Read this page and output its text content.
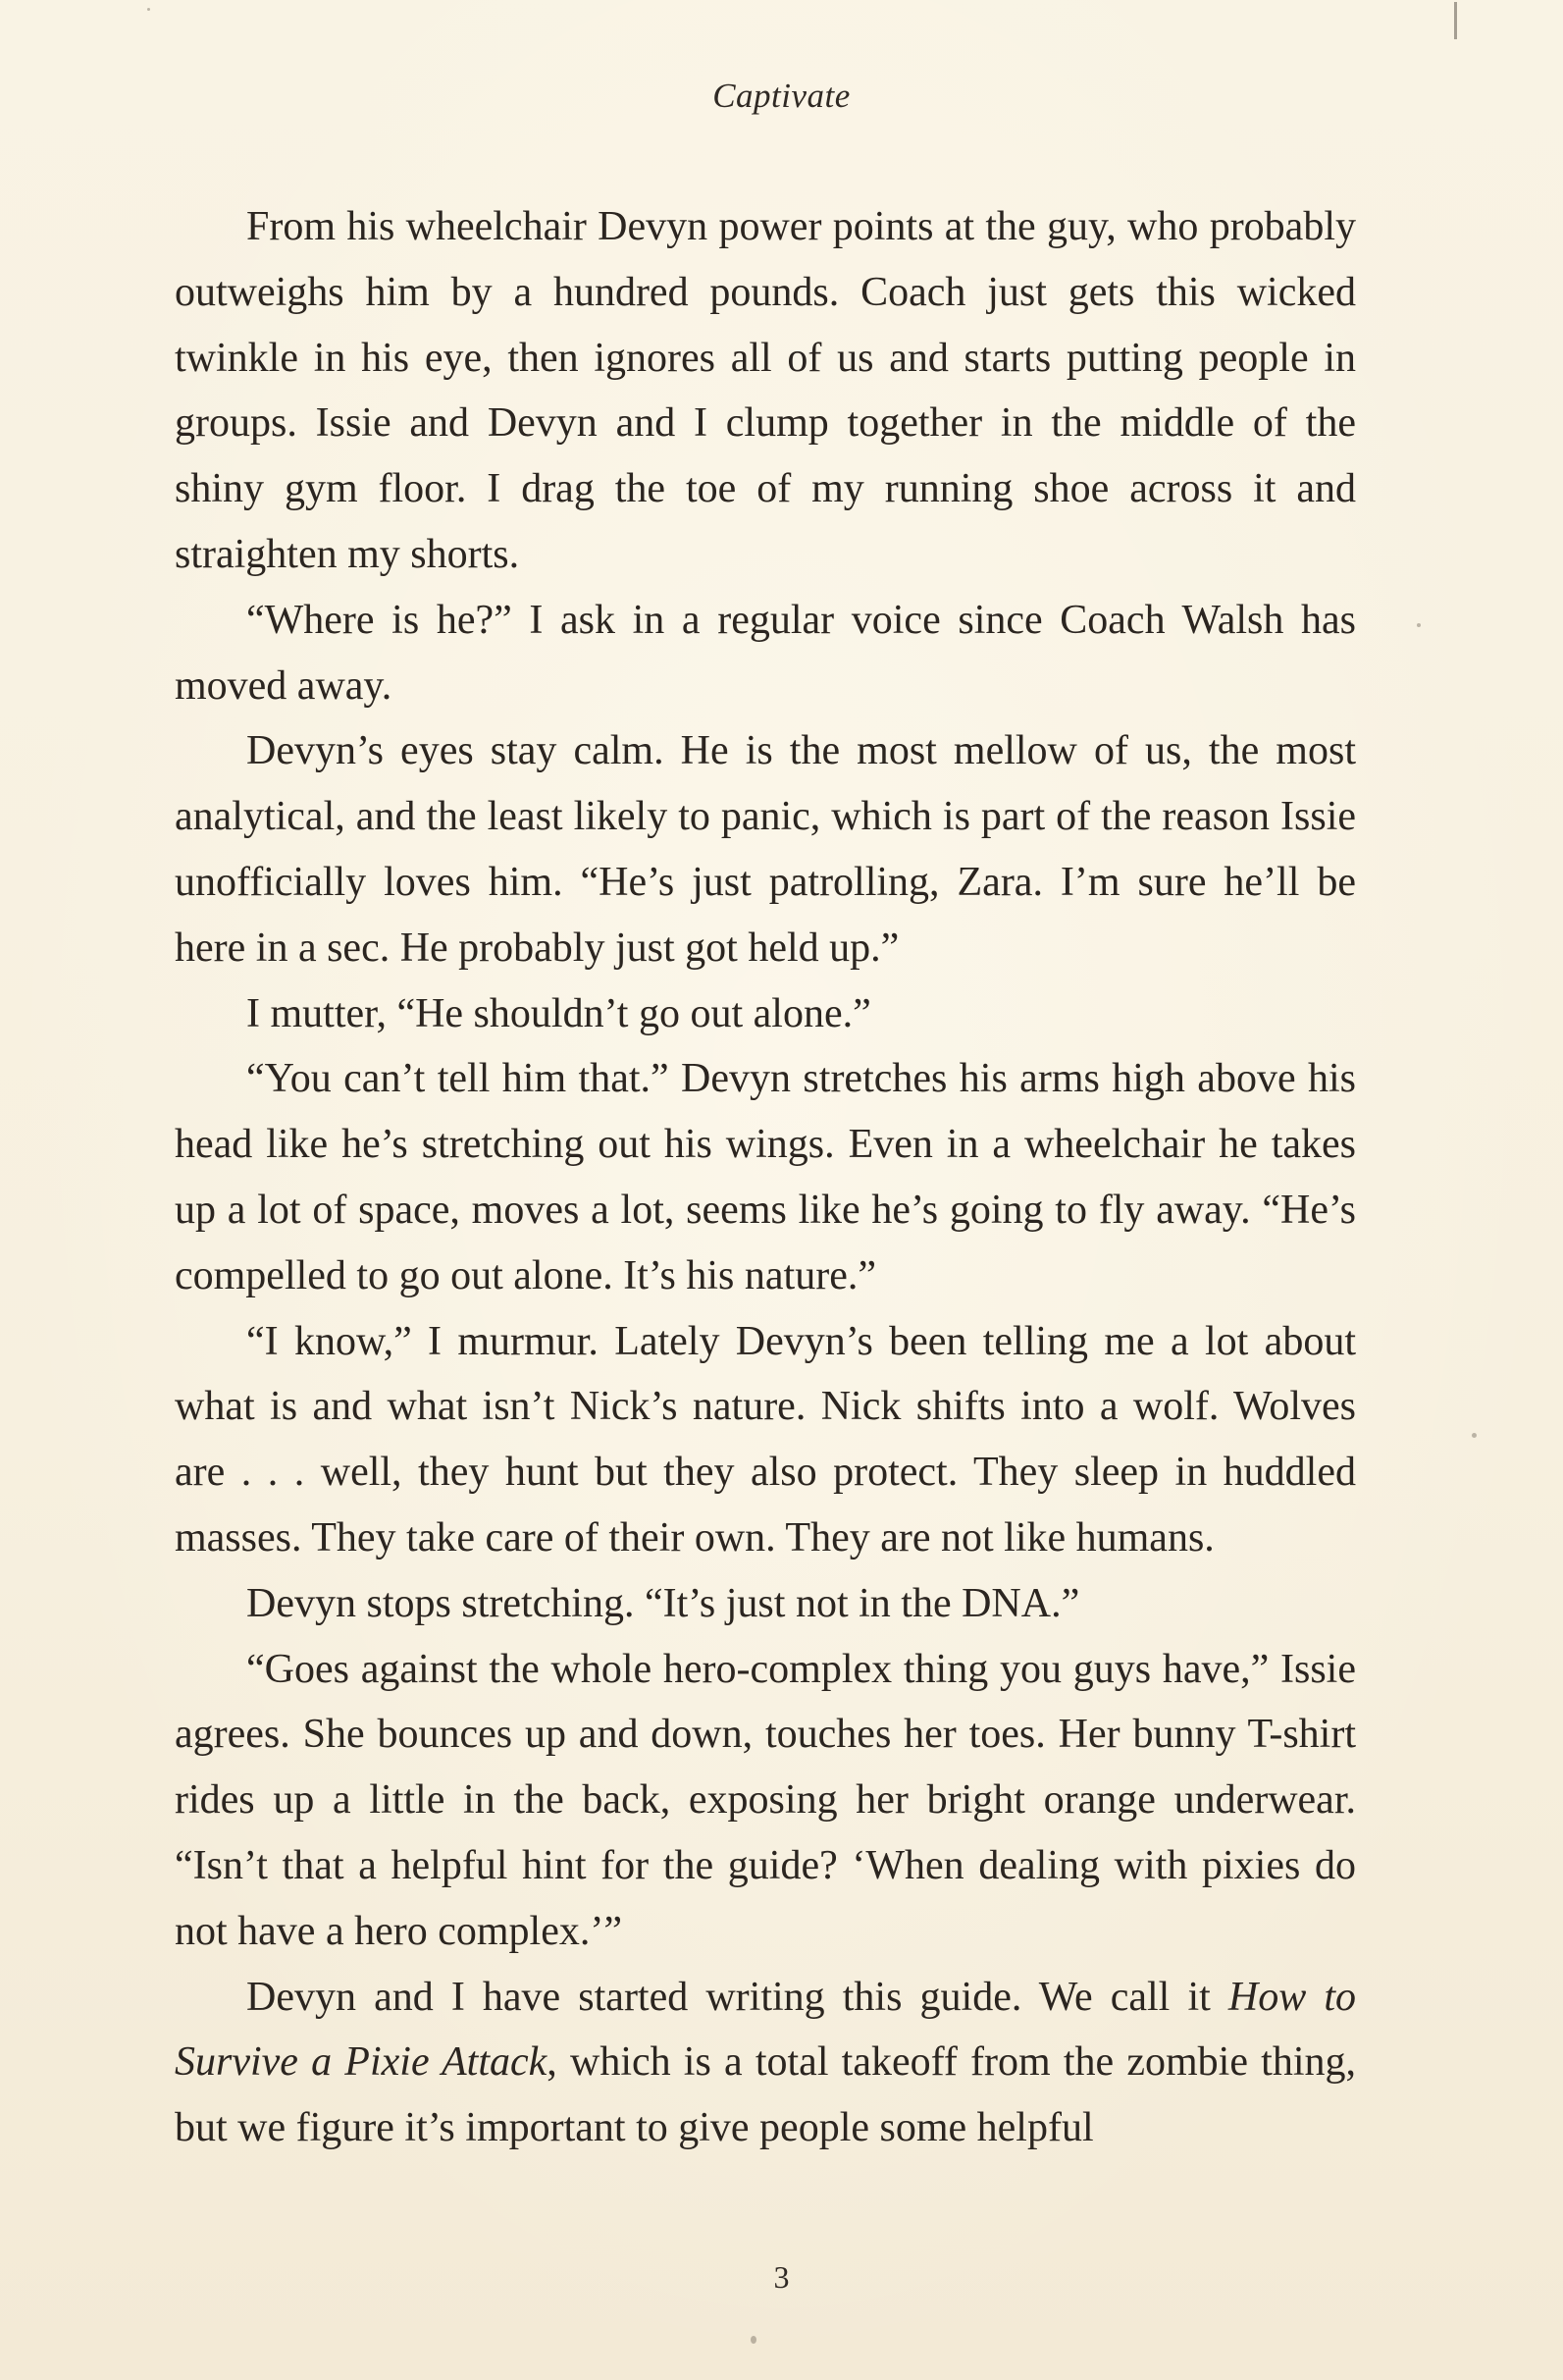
Captivate

From his wheelchair Devyn power points at the guy, who probably outweighs him by a hundred pounds. Coach just gets this wicked twinkle in his eye, then ignores all of us and starts putting people in groups. Issie and Devyn and I clump together in the middle of the shiny gym floor. I drag the toe of my running shoe across it and straighten my shorts.

“Where is he?” I ask in a regular voice since Coach Walsh has moved away.

Devyn’s eyes stay calm. He is the most mellow of us, the most analytical, and the least likely to panic, which is part of the reason Issie unofficially loves him. “He’s just patrolling, Zara. I’m sure he’ll be here in a sec. He probably just got held up.”

I mutter, “He shouldn’t go out alone.”

“You can’t tell him that.” Devyn stretches his arms high above his head like he’s stretching out his wings. Even in a wheelchair he takes up a lot of space, moves a lot, seems like he’s going to fly away. “He’s compelled to go out alone. It’s his nature.”

“I know,” I murmur. Lately Devyn’s been telling me a lot about what is and what isn’t Nick’s nature. Nick shifts into a wolf. Wolves are . . . well, they hunt but they also protect. They sleep in huddled masses. They take care of their own. They are not like humans.

Devyn stops stretching. “It’s just not in the DNA.”

“Goes against the whole hero-complex thing you guys have,” Issie agrees. She bounces up and down, touches her toes. Her bunny T-shirt rides up a little in the back, exposing her bright orange underwear. “Isn’t that a helpful hint for the guide? ‘When dealing with pixies do not have a hero complex.’”

Devyn and I have started writing this guide. We call it How to Survive a Pixie Attack, which is a total takeoff from the zombie thing, but we figure it’s important to give people some helpful

3
